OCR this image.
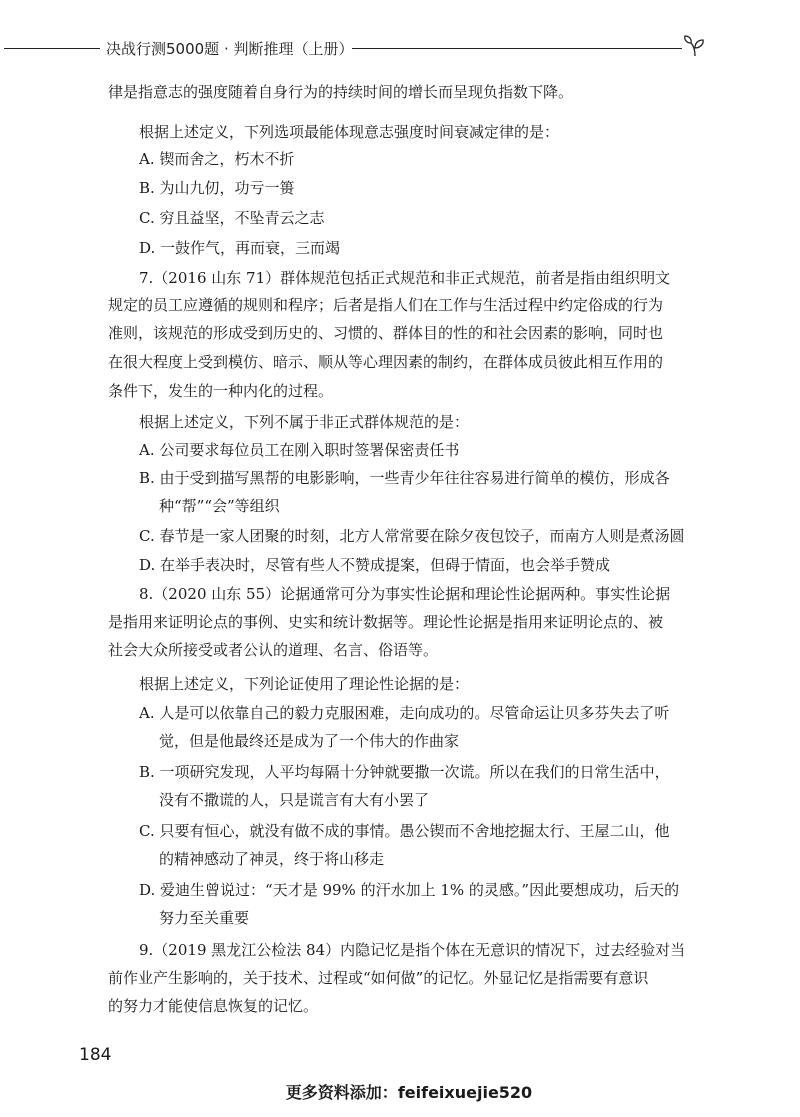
决战行测5000题 · 判断推理（上册）
律是指意志的强度随着自身行为的持续时间的增长而呈现负指数下降。
根据上述定义，下列选项最能体现意志强度时间衰减定律的是：
A. 锲而舍之，朽木不折
B. 为山九仞，功亏一篑
C. 穷且益坚，不坠青云之志
D. 一鼓作气，再而衰，三而竭
7.（2016 山东 71）群体规范包括正式规范和非正式规范，前者是指由组织明文
规定的员工应遵循的规则和程序；后者是指人们在工作与生活过程中约定俗成的行为
准则，该规范的形成受到历史的、习惯的、群体目的性的和社会因素的影响，同时也
在很大程度上受到模仿、暗示、顺从等心理因素的制约，在群体成员彼此相互作用的
条件下，发生的一种内化的过程。
根据上述定义，下列不属于非正式群体规范的是：
A. 公司要求每位员工在刚入职时签署保密责任书
B. 由于受到描写黑帮的电影影响，一些青少年往往容易进行简单的模仿，形成各
种“帮”“会”等组织
C. 春节是一家人团聚的时刻，北方人常常要在除夕夜包饺子，而南方人则是煮汤圆
D. 在举手表决时，尽管有些人不赞成提案，但碍于情面，也会举手赞成
8.（2020 山东 55）论据通常可分为事实性论据和理论性论据两种。事实性论据
是指用来证明论点的事例、史实和统计数据等。理论性论据是指用来证明论点的、被
社会大众所接受或者公认的道理、名言、俗语等。
根据上述定义，下列论证使用了理论性论据的是：
A. 人是可以依靠自己的毅力克服困难，走向成功的。尽管命运让贝多芬失去了听
觉，但是他最终还是成为了一个伟大的作曲家
B. 一项研究发现，人平均每隔十分钟就要撒一次谎。所以在我们的日常生活中，
没有不撒谎的人，只是谎言有大有小罢了
C. 只要有恒心，就没有做不成的事情。愚公锲而不舍地挖掘太行、王屋二山，他
的精神感动了神灵，终于将山移走
D. 爱迪生曾说过：“天才是 99% 的汗水加上 1% 的灵感。”因此要想成功，后天的
努力至关重要
9.（2019 黑龙江公检法 84）内隐记忆是指个体在无意识的情况下，过去经验对当
前作业产生影响的，关于技术、过程或“如何做”的记忆。外显记忆是指需要有意识
的努力才能使信息恢复的记忆。
184
更多资料添加：feifeixuejie520
